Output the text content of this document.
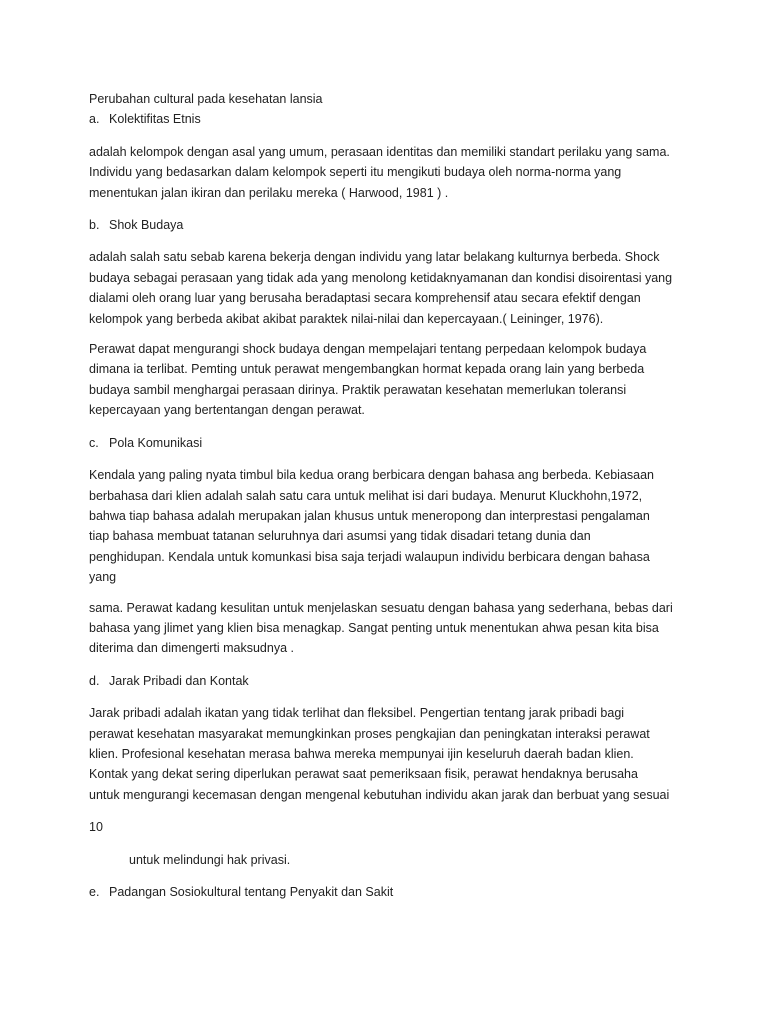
Perubahan cultural pada kesehatan lansia

a. Kolektifitas Etnis

adalah kelompok dengan asal yang umum, perasaan identitas dan memiliki standart perilaku yang sama.

Individu yang bedasarkan dalam kelompok seperti itu mengikuti budaya oleh norma-norma yang

menentukan jalan ikiran dan perilaku mereka ( Harwood, 1981 ) .

b. Shok Budaya

adalah salah satu sebab karena bekerja dengan individu yang latar belakang kulturnya berbeda. Shock

budaya sebagai perasaan yang tidak ada yang menolong ketidaknyamanan dan kondisi disoirentasi yang

dialami oleh orang luar yang berusaha beradaptasi secara komprehensif atau secara efektif dengan

kelompok yang berbeda akibat akibat paraktek nilai-nilai dan kepercayaan.( Leininger, 1976).

Perawat dapat mengurangi shock budaya dengan mempelajari tentang perpedaan kelompok budaya

dimana ia terlibat. Pemting untuk perawat mengembangkan hormat kepada orang lain yang berbeda

budaya sambil menghargai perasaan dirinya. Praktik perawatan kesehatan memerlukan toleransi

kepercayaan yang bertentangan dengan perawat.

c. Pola Komunikasi

Kendala yang paling nyata timbul bila kedua orang berbicara dengan bahasa ang berbeda. Kebiasaan

berbahasa dari klien adalah salah satu cara untuk melihat isi dari budaya. Menurut Kluckhohn,1972,

bahwa tiap bahasa adalah merupakan jalan khusus untuk meneropong dan interprestasi pengalaman

tiap bahasa membuat tatanan seluruhnya dari asumsi yang tidak disadari tetang dunia dan

penghidupan. Kendala untuk komunkasi bisa saja terjadi walaupun individu berbicara dengan bahasa

yang

sama. Perawat kadang kesulitan untuk menjelaskan sesuatu dengan bahasa yang sederhana, bebas dari

bahasa yang jlimet yang klien bisa menagkap. Sangat penting untuk menentukan ahwa pesan kita bisa

diterima dan dimengerti maksudnya .

d. Jarak Pribadi dan Kontak

Jarak pribadi adalah ikatan yang tidak terlihat dan fleksibel. Pengertian tentang jarak pribadi bagi

perawat kesehatan masyarakat memungkinkan proses pengkajian dan peningkatan interaksi perawat

klien. Profesional kesehatan merasa bahwa mereka mempunyai ijin keseluruh daerah badan klien.

Kontak yang dekat sering diperlukan perawat saat pemeriksaan fisik, perawat hendaknya berusaha

untuk mengurangi kecemasan dengan mengenal kebutuhan individu akan jarak dan berbuat yang sesuai

10

untuk melindungi hak privasi.

e. Padangan Sosiokultural tentang Penyakit dan Sakit
